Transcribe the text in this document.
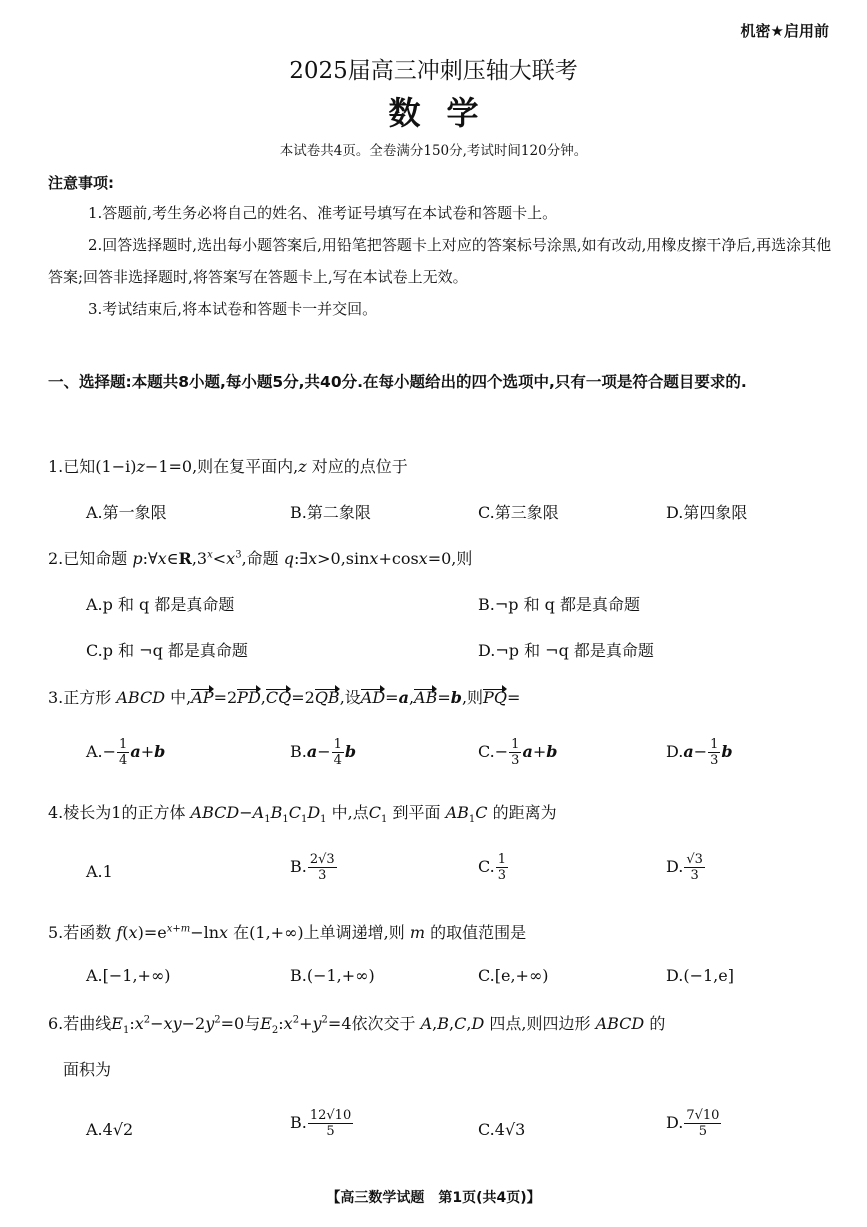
机密★启用前
2025届高三冲刺压轴大联考
数学
本试卷共4页。全卷满分150分,考试时间120分钟。
注意事项:
1.答题前,考生务必将自己的姓名、准考证号填写在本试卷和答题卡上。
2.回答选择题时,选出每小题答案后,用铅笔把答题卡上对应的答案标号涂黑,如有改动,用橡皮擦干净后,再选涂其他答案;回答非选择题时,将答案写在答题卡上,写在本试卷上无效。
3.考试结束后,将本试卷和答题卡一并交回。
一、选择题:本题共8小题,每小题5分,共40分.在每小题给出的四个选项中,只有一项是符合题目要求的.
1.已知(1−i)z−1=0,则在复平面内,z 对应的点位于
A.第一象限	B.第二象限	C.第三象限	D.第四象限
2.已知命题 $p:\forall x\in R,3^x<x^3$,命题 q:∃x>0,sinx+cosx=0,则
A.p 和 q 都是真命题	B.¬p 和 q 都是真命题
C.p 和 ¬q 都是真命题	D.¬p 和 ¬q 都是真命题
3.正方形 ABCD 中,AP=2PD,CQ=2QB,设AD=a,AB=b,则PQ=
$A.- \frac{1}{4} a+b$	$B.a- \frac{1}{4}$ b	$C.- \frac{1}{3} a+b$	$D.a- \frac{1}{3}$ b
4.棱长为1的正方体 $ABCD-A_1B_1C_1D_1$ 中,点$C_1$ 到平面 $AB_1C$ 的距离为
A.1	B. $\frac{2√3}{3}$	C. $\frac{1}{3}$	D. $\frac{√3}{3}$
5.若函数 $f(x)=e^{x+m}-\ln x$ 在(1,+∞)上单调递增,则 m 的取值范围是
A.[−1,+∞)	B.(−1,+∞)	C.[e,+∞)	D.(−1,e]
6.若曲线$E_1:x^2-xy-2y^2=0$与$E_2:x^2+y^2=4$依次交于 A,B,C,D 四点,则四边形 ABCD 的
面积为
A.4√2	B. $\frac{12√10}{5}$	C.4√3	D. $\frac{7√10}{5}$
【高三数学试题　第1页(共4页)】
